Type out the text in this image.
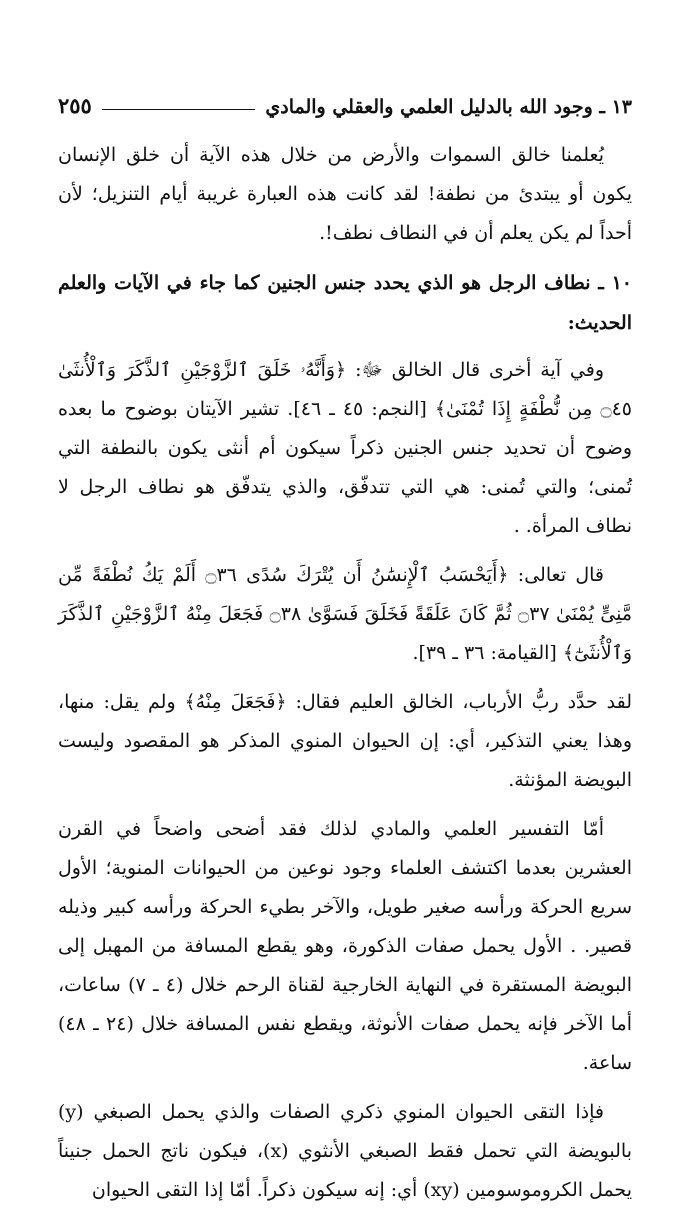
١٣ ـ وجود الله بالدليل العلمي والعقلي والمادي
٢٥٥

يُعلمنا خالق السموات والأرض من خلال هذه الآية أن خلق الإنسان يكون أو يبتدئ من نطفة! لقد كانت هذه العبارة غريبة أيام التنزيل؛ لأن أحداً لم يكن يعلم أن في النطاف نطف!.

١٠ ـ نطاف الرجل هو الذي يحدد جنس الجنين كما جاء في الآيات والعلم الحديث:

وفي آية أخرى قال الخالق ﷻ: ﴿وَأَنَّهُۥ خَلَقَ ٱلزَّوْجَيْنِ ٱلذَّكَرَ وَٱلْأُنثَىٰ ۝٤٥ مِن نُّطْفَةٍ إِذَا تُمْنَىٰ﴾ [النجم: ٤٥ ـ ٤٦]. تشير الآيتان بوضوح ما بعده وضوح أن تحديد جنس الجنين ذكراً سيكون أم أنثى يكون بالنطفة التي تُمنى؛ والتي تُمنى: هي التي تتدفّق، والذي يتدفّق هو نطاف الرجل لا نطاف المرأة. .

قال تعالى: ﴿أَيَحْسَبُ ٱلْإِنسَٰنُ أَن يُتْرَكَ سُدًى ۝٣٦ أَلَمْ يَكُ نُطْفَةً مِّن مَّنِىٍّ يُمْنَىٰ ۝٣٧ ثُمَّ كَانَ عَلَقَةً فَخَلَقَ فَسَوَّىٰ ۝٣٨ فَجَعَلَ مِنْهُ ٱلزَّوْجَيْنِ ٱلذَّكَرَ وَٱلْأُنثَىٰٓ﴾ [القيامة: ٣٦ ـ ٣٩].

لقد حدَّد ربُّ الأرباب، الخالق العليم فقال: ﴿فَجَعَلَ مِنْهُ﴾ ولم يقل: منها، وهذا يعني التذكير، أي: إن الحيوان المنوي المذكر هو المقصود وليست البويضة المؤنثة.

أمّا التفسير العلمي والمادي لذلك فقد أضحى واضحاً في القرن العشرين بعدما اكتشف العلماء وجود نوعين من الحيوانات المنوية؛ الأول سريع الحركة ورأسه صغير طويل، والآخر بطيء الحركة ورأسه كبير وذيله قصير. . الأول يحمل صفات الذكورة، وهو يقطع المسافة من المهبل إلى البويضة المستقرة في النهاية الخارجية لقناة الرحم خلال (٤ ـ ٧) ساعات، أما الآخر فإنه يحمل صفات الأنوثة، ويقطع نفس المسافة خلال (٢٤ ـ ٤٨) ساعة.

فإذا التقى الحيوان المنوي ذكري الصفات والذي يحمل الصبغي (y) بالبويضة التي تحمل فقط الصبغي الأنثوي (x)، فيكون ناتج الحمل جنيناً يحمل الكروموسومين (xy) أي: إنه سيكون ذكراً. أمّا إذا التقى الحيوان
